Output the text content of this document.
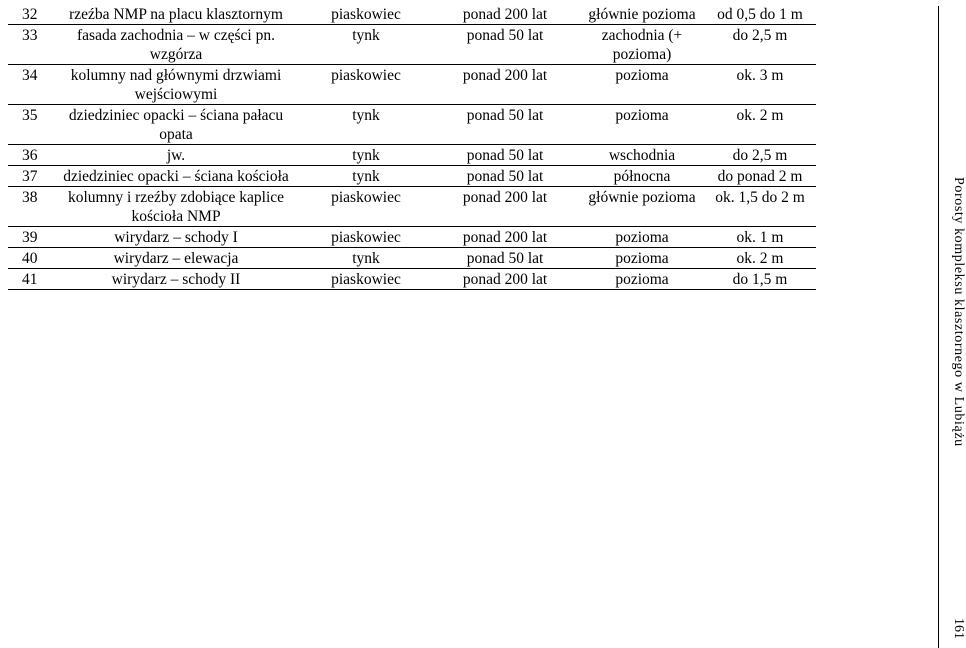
32	rzeźba NMP na placu klasztornym	piaskowiec	ponad 200 lat	głównie pozioma	od 0,5 do 1 m
33	fasada zachodnia – w części pn. wzgórza	tynk	ponad 50 lat	zachodnia (+ pozioma)	do 2,5 m
34	kolumny nad głównymi drzwiami wejściowymi	piaskowiec	ponad 200 lat	pozioma	ok. 3 m
35	dziedziniec opacki – ściana pałacu opata	tynk	ponad 50 lat	pozioma	ok. 2 m
36	jw.	tynk	ponad 50 lat	wschodnia	do 2,5 m
37	dziedziniec opacki – ściana kościoła	tynk	ponad 50 lat	północna	do ponad 2 m
38	kolumny i rzeźby zdobiące kaplice kościoła NMP	piaskowiec	ponad 200 lat	głównie pozioma	ok. 1,5 do 2 m
39	wirydarz – schody I	piaskowiec	ponad 200 lat	pozioma	ok. 1 m
40	wirydarz – elewacja	tynk	ponad 50 lat	pozioma	ok. 2 m
41	wirydarz – schody II	piaskowiec	ponad 200 lat	pozioma	do 1,5 m	Porosty kompleksu klasztornego w Lubiążu
161
